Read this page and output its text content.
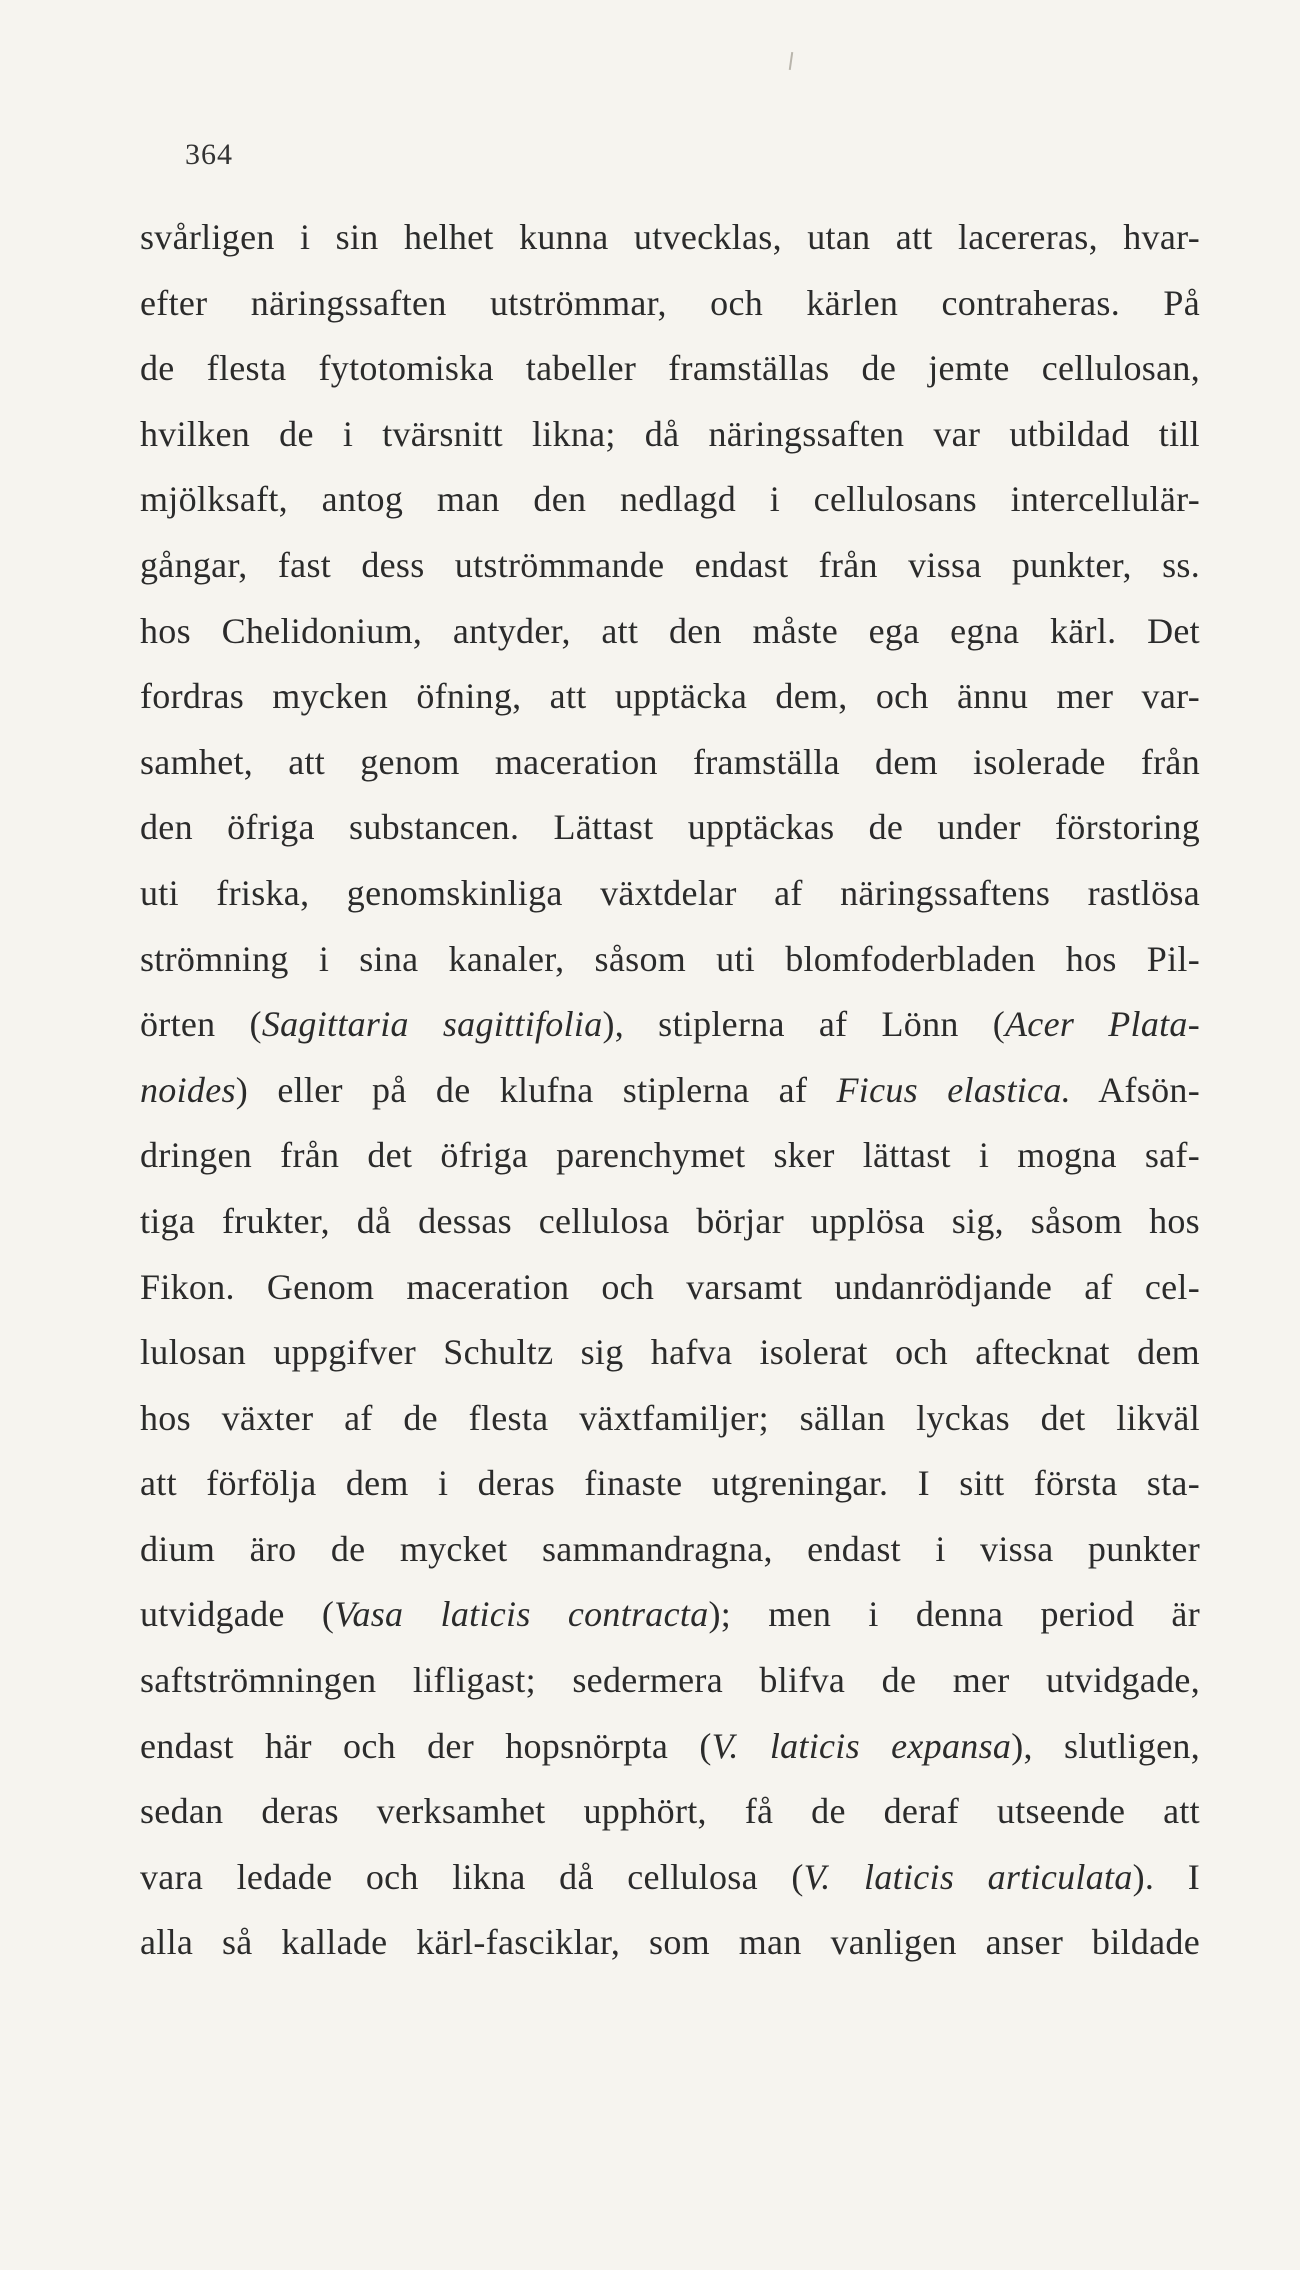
364
svårligen i sin helhet kunna utvecklas, utan att lacereras, hvar-
efter näringssaften utströmmar, och kärlen contraheras. På
de flesta fytotomiska tabeller framställas de jemte cellulosan,
hvilken de i tvärsnitt likna; då näringssaften var utbildad till
mjölksaft, antog man den nedlagd i cellulosans intercellulär-
gångar, fast dess utströmmande endast från vissa punkter, ss.
hos Chelidonium, antyder, att den måste ega egna kärl. Det
fordras mycken öfning, att upptäcka dem, och ännu mer var-
samhet, att genom maceration framställa dem isolerade från
den öfriga substancen. Lättast upptäckas de under förstoring
uti friska, genomskinliga växtdelar af näringssaftens rastlösa
strömning i sina kanaler, såsom uti blomfoderbladen hos Pil-
örten (Sagittaria sagittifolia), stiplerna af Lönn (Acer Plata-
noides) eller på de klufna stiplerna af Ficus elastica. Afsön-
dringen från det öfriga parenchymet sker lättast i mogna saf-
tiga frukter, då dessas cellulosa börjar upplösa sig, såsom hos
Fikon. Genom maceration och varsamt undanrödjande af cel-
lulosan uppgifver Schultz sig hafva isolerat och aftecknat dem
hos växter af de flesta växtfamiljer; sällan lyckas det likväl
att förfölja dem i deras finaste utgreningar. I sitt första sta-
dium äro de mycket sammandragna, endast i vissa punkter
utvidgade (Vasa laticis contracta); men i denna period är
saftströmningen lifligast; sedermera blifva de mer utvidgade,
endast här och der hopsnörpta (V. laticis expansa), slutligen,
sedan deras verksamhet upphört, få de deraf utseende att
vara ledade och likna då cellulosa (V. laticis articulata). I
alla så kallade kärl-fasciklar, som man vanligen anser bildade
